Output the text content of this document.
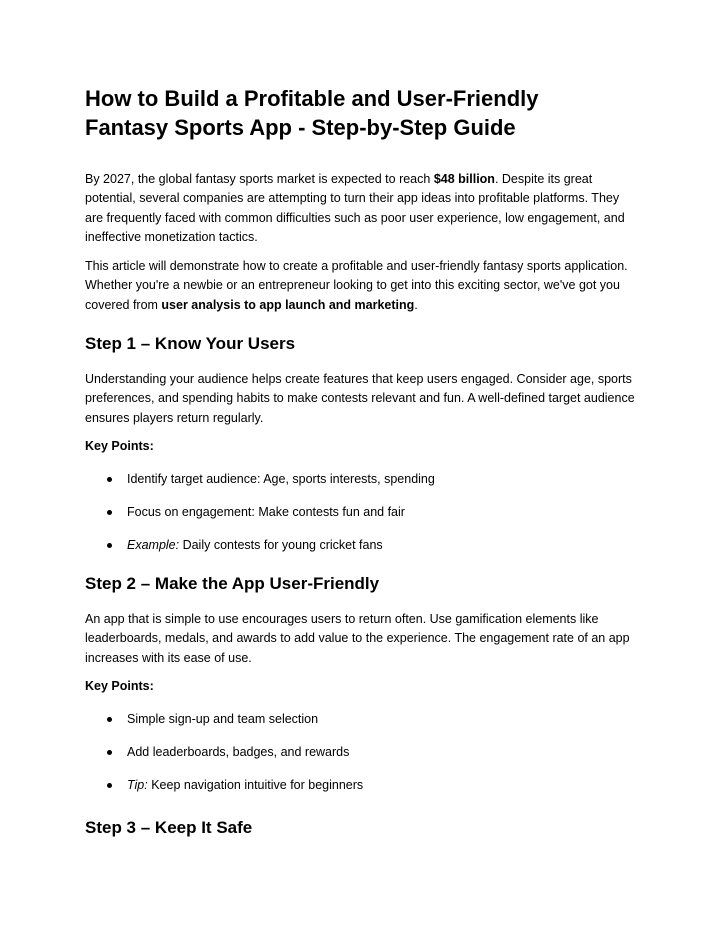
How to Build a Profitable and User-Friendly Fantasy Sports App - Step-by-Step Guide

By 2027, the global fantasy sports market is expected to reach $48 billion. Despite its great potential, several companies are attempting to turn their app ideas into profitable platforms. They are frequently faced with common difficulties such as poor user experience, low engagement, and ineffective monetization tactics.

This article will demonstrate how to create a profitable and user-friendly fantasy sports application. Whether you're a newbie or an entrepreneur looking to get into this exciting sector, we've got you covered from user analysis to app launch and marketing.

Step 1 – Know Your Users

Understanding your audience helps create features that keep users engaged. Consider age, sports preferences, and spending habits to make contests relevant and fun. A well-defined target audience ensures players return regularly.

Key Points:

Identify target audience: Age, sports interests, spending
Focus on engagement: Make contests fun and fair
Example: Daily contests for young cricket fans
Step 2 – Make the App User-Friendly

An app that is simple to use encourages users to return often. Use gamification elements like leaderboards, medals, and awards to add value to the experience. The engagement rate of an app increases with its ease of use.

Key Points:

Simple sign-up and team selection
Add leaderboards, badges, and rewards
Tip: Keep navigation intuitive for beginners
Step 3 – Keep It Safe
